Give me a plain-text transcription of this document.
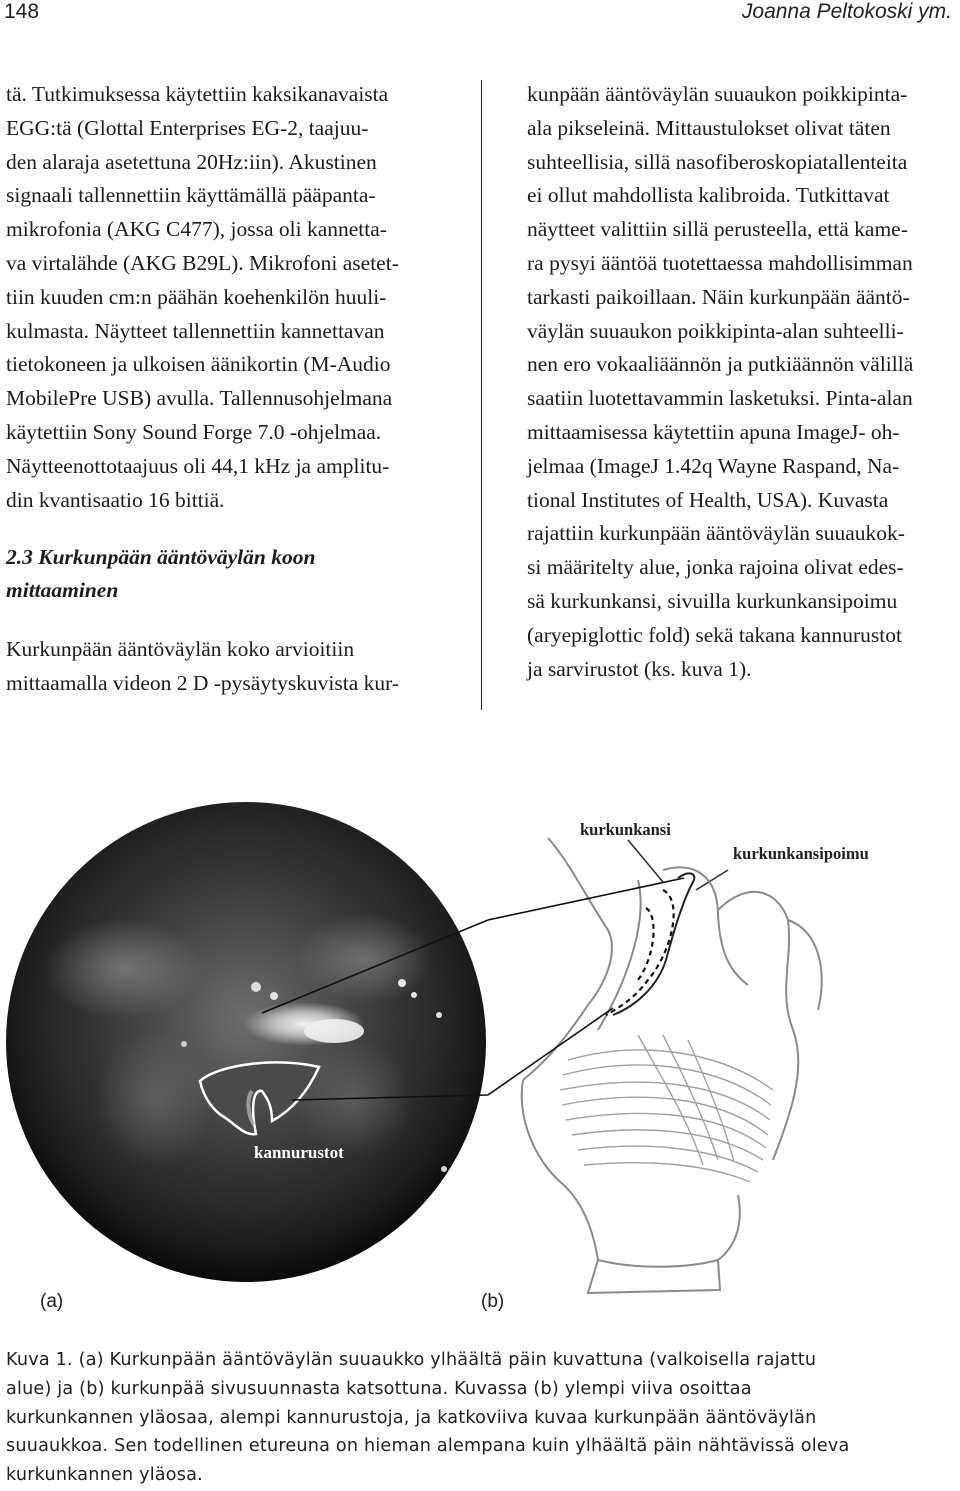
148	Joanna Peltokoski ym.
tä. Tutkimuksessa käytettiin kaksikanavaista
EGG:tä (Glottal Enterprises EG-2, taajuu-
den alaraja asetettuna 20Hz:iin). Akustinen
signaali tallennettiin käyttämällä pääpanta-
mikrofonia (AKG C477), jossa oli kannetta-
va virtalähde (AKG B29L). Mikrofoni asetet-
tiin kuuden cm:n päähän koehenkilön huuli-
kulmasta. Näytteet tallennettiin kannettavan
tietokoneen ja ulkoisen äänikortin (M-Audio
MobilePre USB) avulla. Tallennusohjelmana
käytettiin Sony Sound Forge 7.0 -ohjelmaa.
Näytteenottotaajuus oli 44,1 kHz ja amplitu-
din kvantisaatio 16 bittiä.
2.3 Kurkunpään ääntöväylän koon
mittaaminen
Kurkunpään ääntöväylän koko arvioitiin
mittaamalla videon 2 D -pysäytyskuvista kur-
kunpään ääntöväylän suuaukon poikkipinta-
ala pikseleinä. Mittaustulokset olivat täten
suhteellisia, sillä nasofiberoskopiatallenteita
ei ollut mahdollista kalibroida. Tutkittavat
näytteet valittiin sillä perusteella, että kame-
ra pysyi ääntöä tuotettaessa mahdollisimman
tarkasti paikoillaan. Näin kurkunpään ääntö-
väylän suuaukon poikkipinta-alan suhteelli-
nen ero vokaaliäännön ja putkiäännön välillä
saatiin luotettavammin lasketuksi. Pinta-alan
mittaamisessa käytettiin apuna ImageJ- oh-
jelmaa (ImageJ 1.42q Wayne Raspand, Na-
tional Institutes of Health, USA). Kuvasta
rajattiin kurkunpään ääntöväylän suuaukok-
si määritelty alue, jonka rajoina olivat edes-
sä kurkunkansi, sivuilla kurkunkansipoimu
(aryepiglottic fold) sekä takana kannurustot
ja sarvirustot (ks. kuva 1).
kannurustot
kurkunkansi
kurkunkansipoimu
(a)	(b)
Kuva 1. (a) Kurkunpään ääntöväylän suuaukko ylhäältä päin kuvattuna (valkoisella rajattu
alue) ja (b) kurkunpää sivusuunnasta katsottuna. Kuvassa (b) ylempi viiva osoittaa
kurkunkannen yläosaa, alempi kannurustoja, ja katkoviiva kuvaa kurkunpään ääntöväylän
suuaukkoa. Sen todellinen etureuna on hieman alempana kuin ylhäältä päin nähtävissä oleva
kurkunkannen yläosa.
